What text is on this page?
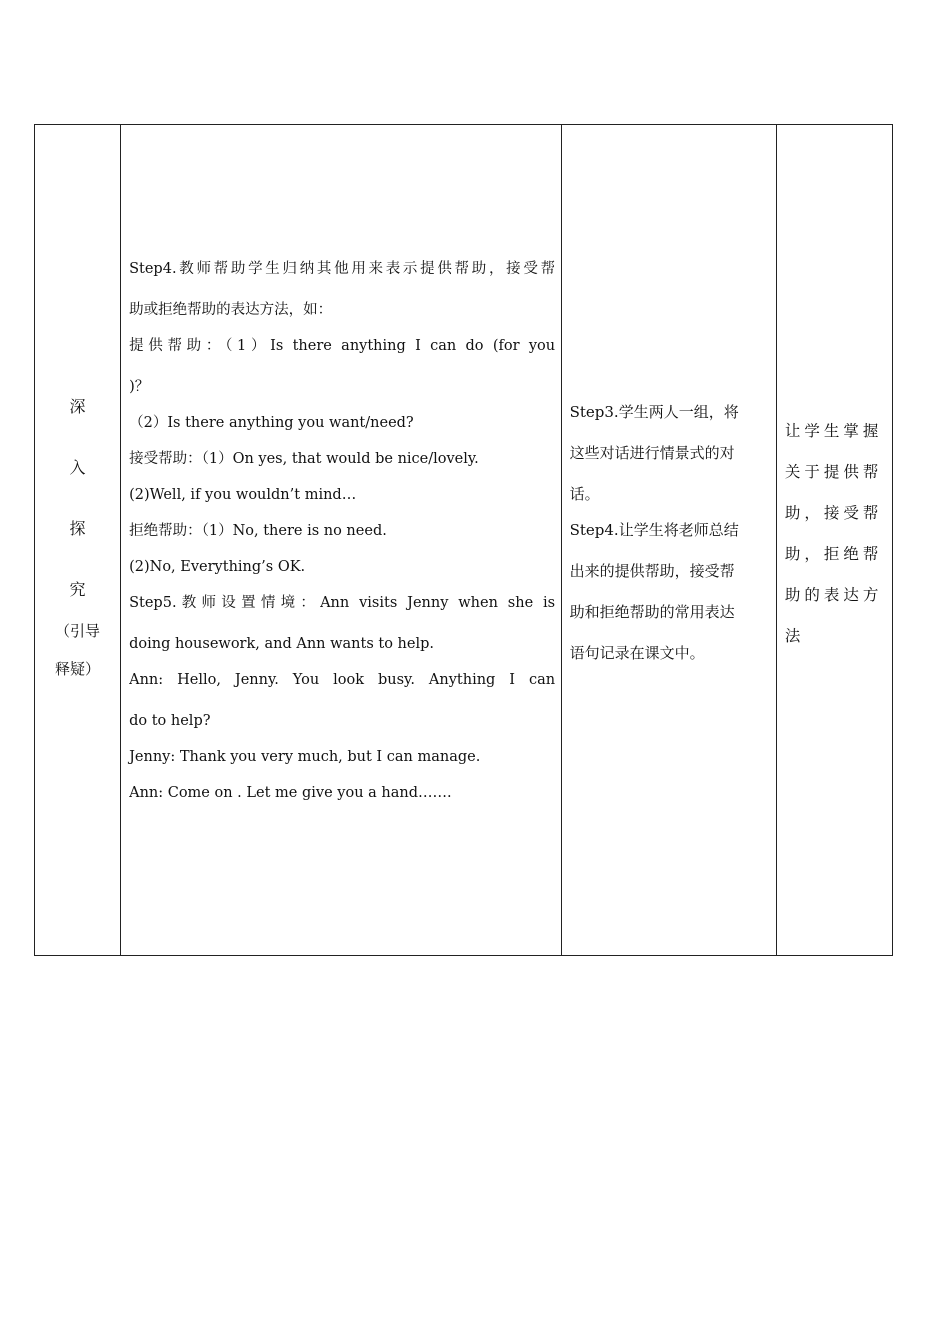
深
入
探
究
（引导释疑）

Step4.教师帮助学生归纳其他用来表示提供帮助，接受帮
助或拒绝帮助的表达方法，如：
提供帮助：（1）Is there anything I can do (for you
)？
（2）Is there anything you want/need?
接受帮助：（1）On yes, that would be nice/lovely.
(2)Well, if you wouldn’t mind…
拒绝帮助：（1）No, there is no need.
(2)No, Everything’s OK.
Step5.教师设置情境：Ann visits Jenny when she is
doing housework, and Ann wants to help.
Ann: Hello, Jenny. You look busy. Anything I can
do to help?
Jenny: Thank you very much, but I can manage.
Ann: Come on . Let me give you a hand…….

Step3.学生两人一组，将
这些对话进行情景式的对
话。
Step4.让学生将老师总结
出来的提供帮助，接受帮
助和拒绝帮助的常用表达
语句记录在课文中。

让学生掌握
关于提供帮
助，接受帮
助，拒绝帮
助的表达方
法
